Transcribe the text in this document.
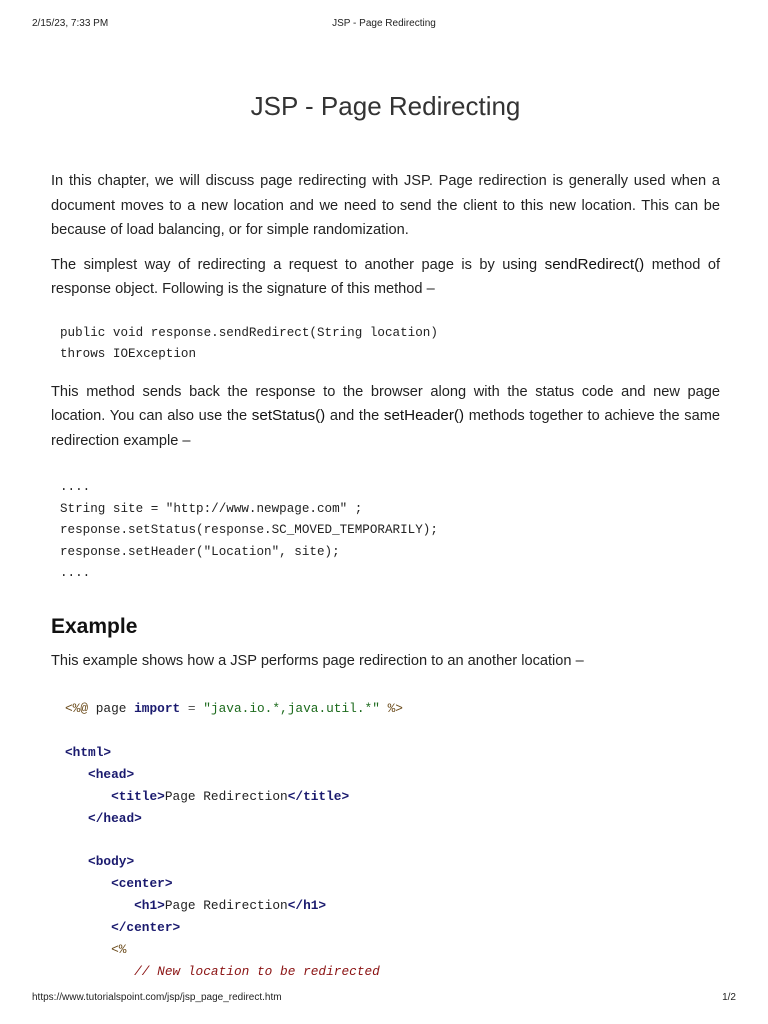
2/15/23, 7:33 PM	JSP - Page Redirecting
JSP - Page Redirecting

In this chapter, we will discuss page redirecting with JSP. Page redirection is generally used when a document moves to a new location and we need to send the client to this new location. This can be because of load balancing, or for simple randomization.

The simplest way of redirecting a request to another page is by using sendRedirect() method of response object. Following is the signature of this method –

public void response.sendRedirect(String location)
throws IOException

This method sends back the response to the browser along with the status code and new page location. You can also use the setStatus() and the setHeader() methods together to achieve the same redirection example –

....
String site = "http://www.newpage.com" ;
response.setStatus(response.SC_MOVED_TEMPORARILY);
response.setHeader("Location", site);
....
Example

This example shows how a JSP performs page redirection to an another location –

<%@ page import = "java.io.*,java.util.*" %>

<html>
<head>
<title>Page Redirection</title>
</head>

<body>
<center>
<h1>Page Redirection</h1>
</center>
<%
// New location to be redirected
https://www.tutorialspoint.com/jsp/jsp_page_redirect.htm	1/2
